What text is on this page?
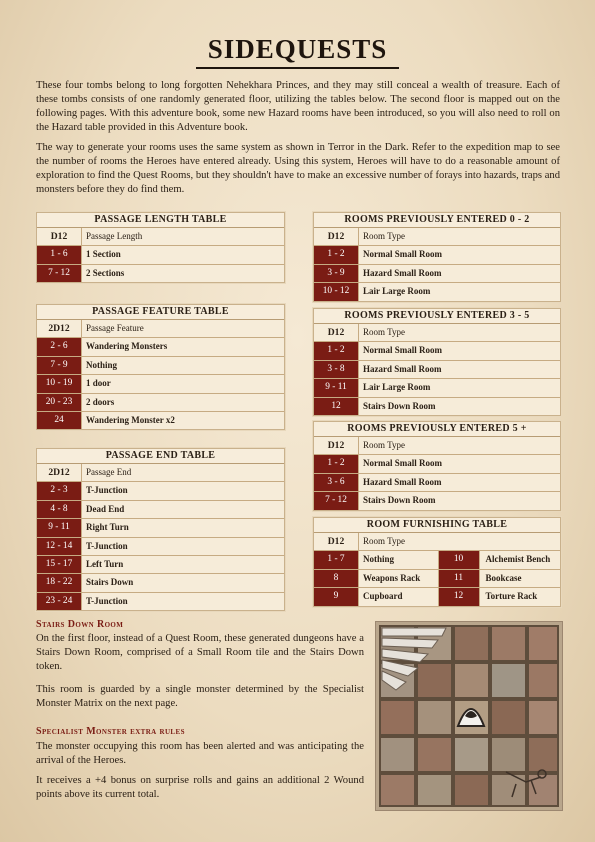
SIDEQUESTS

These four tombs belong to long forgotten Nehekhara Princes, and they may still conceal a wealth of treasure. Each of these tombs consists of one randomly generated floor, utilizing the tables below. The second floor is mapped out on the following pages. With this adventure book, some new Hazard rooms have been introduced, so you will also need to roll on the Hazard table provided in this Adventure book.

The way to generate your rooms uses the same system as shown in Terror in the Dark. Refer to the expedition map to see the number of rooms the Heroes have entered already. Using this system, Heroes will have to do a reasonable amount of exploration to find the Quest Rooms, but they shouldn't have to make an excessive number of forays into hazards, traps and monsters before they do find them.

PASSAGE LENGTH TABLE
D12	Passage Length
1 - 6	1 Section
7 - 12	2 Sections
PASSAGE FEATURE TABLE
2D12	Passage Feature
2 - 6	Wandering Monsters
7 - 9	Nothing
10 - 19	1 door
20 - 23	2 doors
24	Wandering Monster x2
PASSAGE END TABLE
2D12	Passage End
2 - 3	T-Junction
4 - 8	Dead End
9 - 11	Right Turn
12 - 14	T-Junction
15 - 17	Left Turn
18 - 22	Stairs Down
23 - 24	T-Junction
ROOMS PREVIOUSLY ENTERED 0 - 2
D12	Room Type
1 - 2	Normal Small Room
3 - 9	Hazard Small Room
10 - 12	Lair Large Room
ROOMS PREVIOUSLY ENTERED 3 - 5
D12	Room Type
1 - 2	Normal Small Room
3 - 8	Hazard Small Room
9 - 11	Lair Large Room
12	Stairs Down Room
ROOMS PREVIOUSLY ENTERED 5 +
D12	Room Type
1 - 2	Normal Small Room
3 - 6	Hazard Small Room
7 - 12	Stairs Down Room
ROOM FURNISHING TABLE
D12	Room Type
1 - 7	Nothing	10	Alchemist Bench
8	Weapons Rack	11	Bookcase
9	Cupboard	12	Torture Rack
Stairs Down Room

On the first floor, instead of a Quest Room, these generated dungeons have a Stairs Down Room, comprised of a Small Room tile and the Stairs Down token.

This room is guarded by a single monster determined by the Specialist Monster Matrix on the next page.

Specialist Monster extra rules

The monster occupying this room has been alerted and was anticipating the arrival of the Heroes.

It receives a +4 bonus on surprise rolls and gains an additional 2 Wound points above its current total.
